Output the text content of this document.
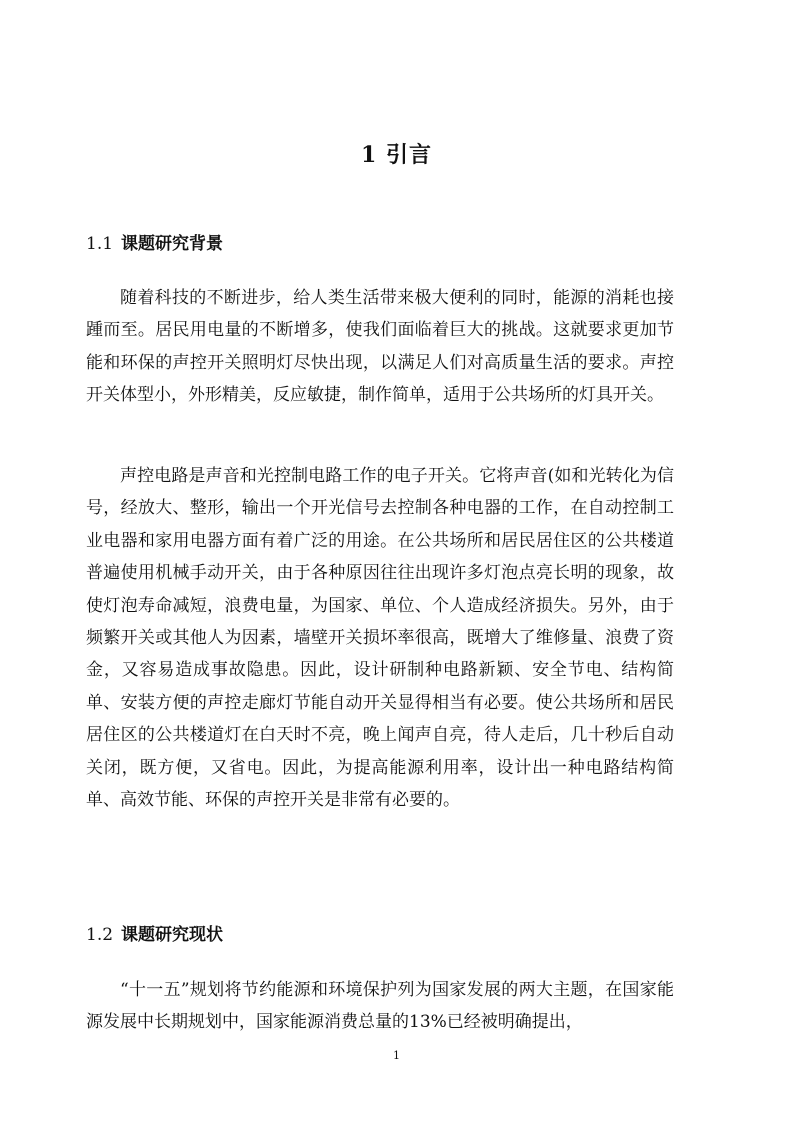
1 引言
1.1 课题研究背景

随着科技的不断进步，给人类生活带来极大便利的同时，能源的消耗也接踵而至。居民用电量的不断增多，使我们面临着巨大的挑战。这就要求更加节能和环保的声控开关照明灯尽快出现，以满足人们对高质量生活的要求。声控开关体型小，外形精美，反应敏捷，制作简单，适用于公共场所的灯具开关。

声控电路是声音和光控制电路工作的电子开关。它将声音(如和光转化为信号，经放大、整形，输出一个开光信号去控制各种电器的工作，在自动控制工业电器和家用电器方面有着广泛的用途。在公共场所和居民居住区的公共楼道普遍使用机械手动开关，由于各种原因往往出现许多灯泡点亮长明的现象，故使灯泡寿命减短，浪费电量，为国家、单位、个人造成经济损失。另外，由于频繁开关或其他人为因素，墙壁开关损坏率很高，既增大了维修量、浪费了资金，又容易造成事故隐患。因此，设计研制种电路新颖、安全节电、结构简单、安装方便的声控走廊灯节能自动开关显得相当有必要。使公共场所和居民居住区的公共楼道灯在白天时不亮，晚上闻声自亮，待人走后，几十秒后自动关闭，既方便，又省电。因此，为提高能源利用率，设计出一种电路结构简单、高效节能、环保的声控开关是非常有必要的。

1.2 课题研究现状

“十一五”规划将节约能源和环境保护列为国家发展的两大主题，在国家能源发展中长期规划中，国家能源消费总量的13%已经被明确提出，

1
